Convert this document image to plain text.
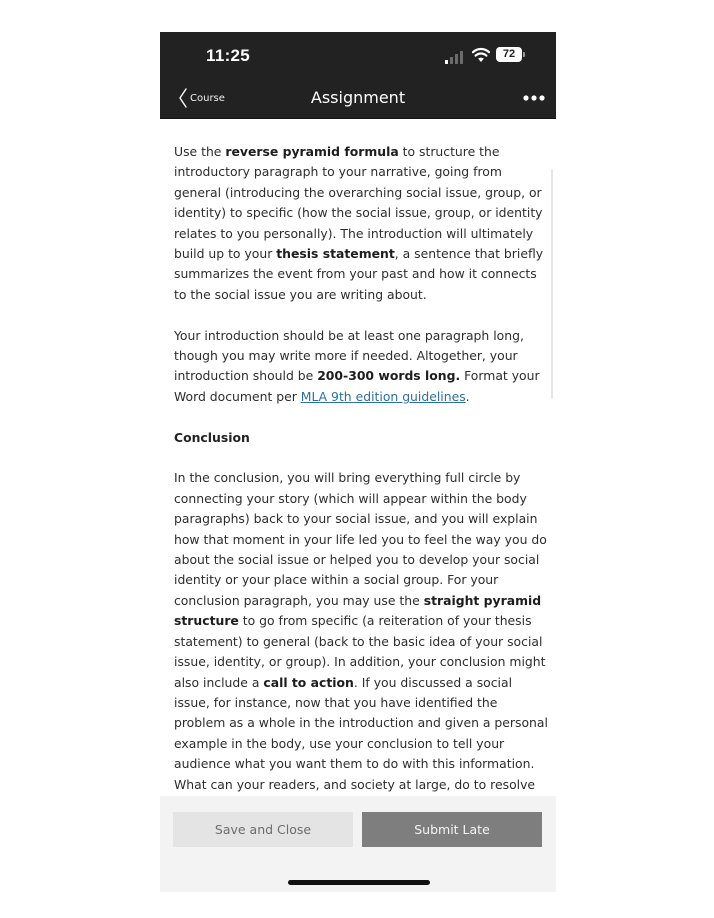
11:25	72
Course	Assignment

Use the reverse pyramid formula to structure the introductory paragraph to your narrative, going from general (introducing the overarching social issue, group, or identity) to specific (how the social issue, group, or identity relates to you personally). The introduction will ultimately build up to your thesis statement, a sentence that briefly summarizes the event from your past and how it connects to the social issue you are writing about.

Your introduction should be at least one paragraph long, though you may write more if needed. Altogether, your introduction should be 200-300 words long. Format your Word document per MLA 9th edition guidelines.

Conclusion

In the conclusion, you will bring everything full circle by connecting your story (which will appear within the body paragraphs) back to your social issue, and you will explain how that moment in your life led you to feel the way you do about the social issue or helped you to develop your social identity or your place within a social group. For your conclusion paragraph, you may use the straight pyramid structure to go from specific (a reiteration of your thesis statement) to general (back to the basic idea of your social issue, identity, or group). In addition, your conclusion might also include a call to action. If you discussed a social issue, for instance, now that you have identified the problem as a whole in the introduction and given a personal example in the body, use your conclusion to tell your audience what you want them to do with this information. What can your readers, and society at large, do to resolve

Save and Close	Submit Late
